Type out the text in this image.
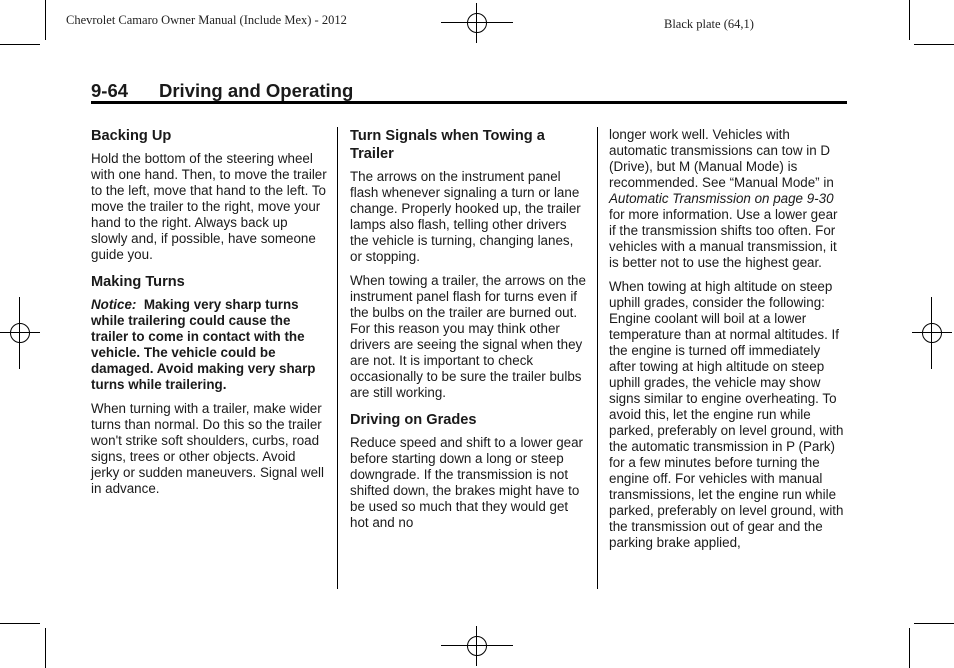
Chevrolet Camaro Owner Manual (Include Mex) - 2012	Black plate (64,1)
9-64 Driving and Operating
Backing Up

Hold the bottom of the steering wheel with one hand. Then, to move the trailer to the left, move that hand to the left. To move the trailer to the right, move your hand to the right. Always back up slowly and, if possible, have someone guide you.

Making Turns

Notice: Making very sharp turns while trailering could cause the trailer to come in contact with the vehicle. The vehicle could be damaged. Avoid making very sharp turns while trailering.

When turning with a trailer, make wider turns than normal. Do this so the trailer won't strike soft shoulders, curbs, road signs, trees or other objects. Avoid jerky or sudden maneuvers. Signal well in advance.

Turn Signals when Towing a Trailer

The arrows on the instrument panel flash whenever signaling a turn or lane change. Properly hooked up, the trailer lamps also flash, telling other drivers the vehicle is turning, changing lanes, or stopping.

When towing a trailer, the arrows on the instrument panel flash for turns even if the bulbs on the trailer are burned out. For this reason you may think other drivers are seeing the signal when they are not. It is important to check occasionally to be sure the trailer bulbs are still working.

Driving on Grades

Reduce speed and shift to a lower gear before starting down a long or steep downgrade. If the transmission is not shifted down, the brakes might have to be used so much that they would get hot and no

longer work well. Vehicles with automatic transmissions can tow in D (Drive), but M (Manual Mode) is recommended. See “Manual Mode” in Automatic Transmission on page 9-30 for more information. Use a lower gear if the transmission shifts too often. For vehicles with a manual transmission, it is better not to use the highest gear.

When towing at high altitude on steep uphill grades, consider the following: Engine coolant will boil at a lower temperature than at normal altitudes. If the engine is turned off immediately after towing at high altitude on steep uphill grades, the vehicle may show signs similar to engine overheating. To avoid this, let the engine run while parked, preferably on level ground, with the automatic transmission in P (Park) for a few minutes before turning the engine off. For vehicles with manual transmissions, let the engine run while parked, preferably on level ground, with the transmission out of gear and the parking brake applied,
